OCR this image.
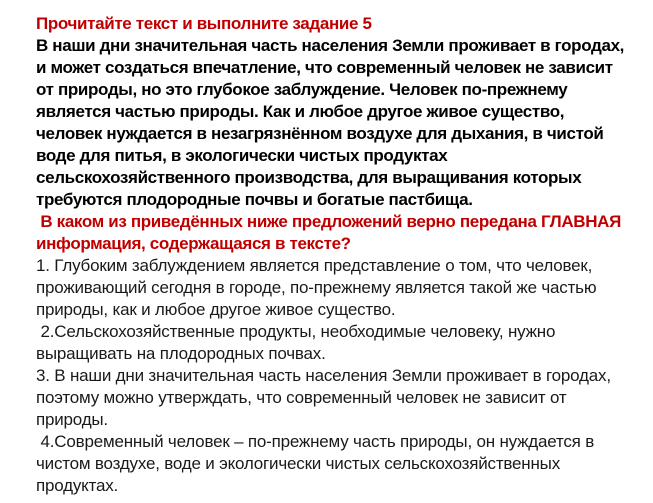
Прочитайте текст и выполните задание 5
В наши дни значительная часть населения Земли проживает в городах,
и может создаться впечатление, что современный человек не зависит
от природы, но это глубокое заблуждение. Человек по-прежнему
является частью природы. Как и любое другое живое существо,
человек нуждается в незагрязнённом воздухе для дыхания, в чистой
воде для питья, в экологически чистых продуктах
сельскохозяйственного производства, для выращивания которых
требуются плодородные почвы и богатые пастбища.
В каком из приведённых ниже предложений верно передана ГЛАВНАЯ
информация, содержащаяся в тексте?
1. Глубоким заблуждением является представление о том, что человек,
проживающий сегодня в городе, по-прежнему является такой же частью
природы, как и любое другое живое существо.
2.Сельскохозяйственные продукты, необходимые человеку, нужно
выращивать на плодородных почвах.
3. В наши дни значительная часть населения Земли проживает в городах,
поэтому можно утверждать, что современный человек не зависит от
природы.
4.Современный человек – по-прежнему часть природы, он нуждается в
чистом воздухе, воде и экологически чистых сельскохозяйственных
продуктах.
